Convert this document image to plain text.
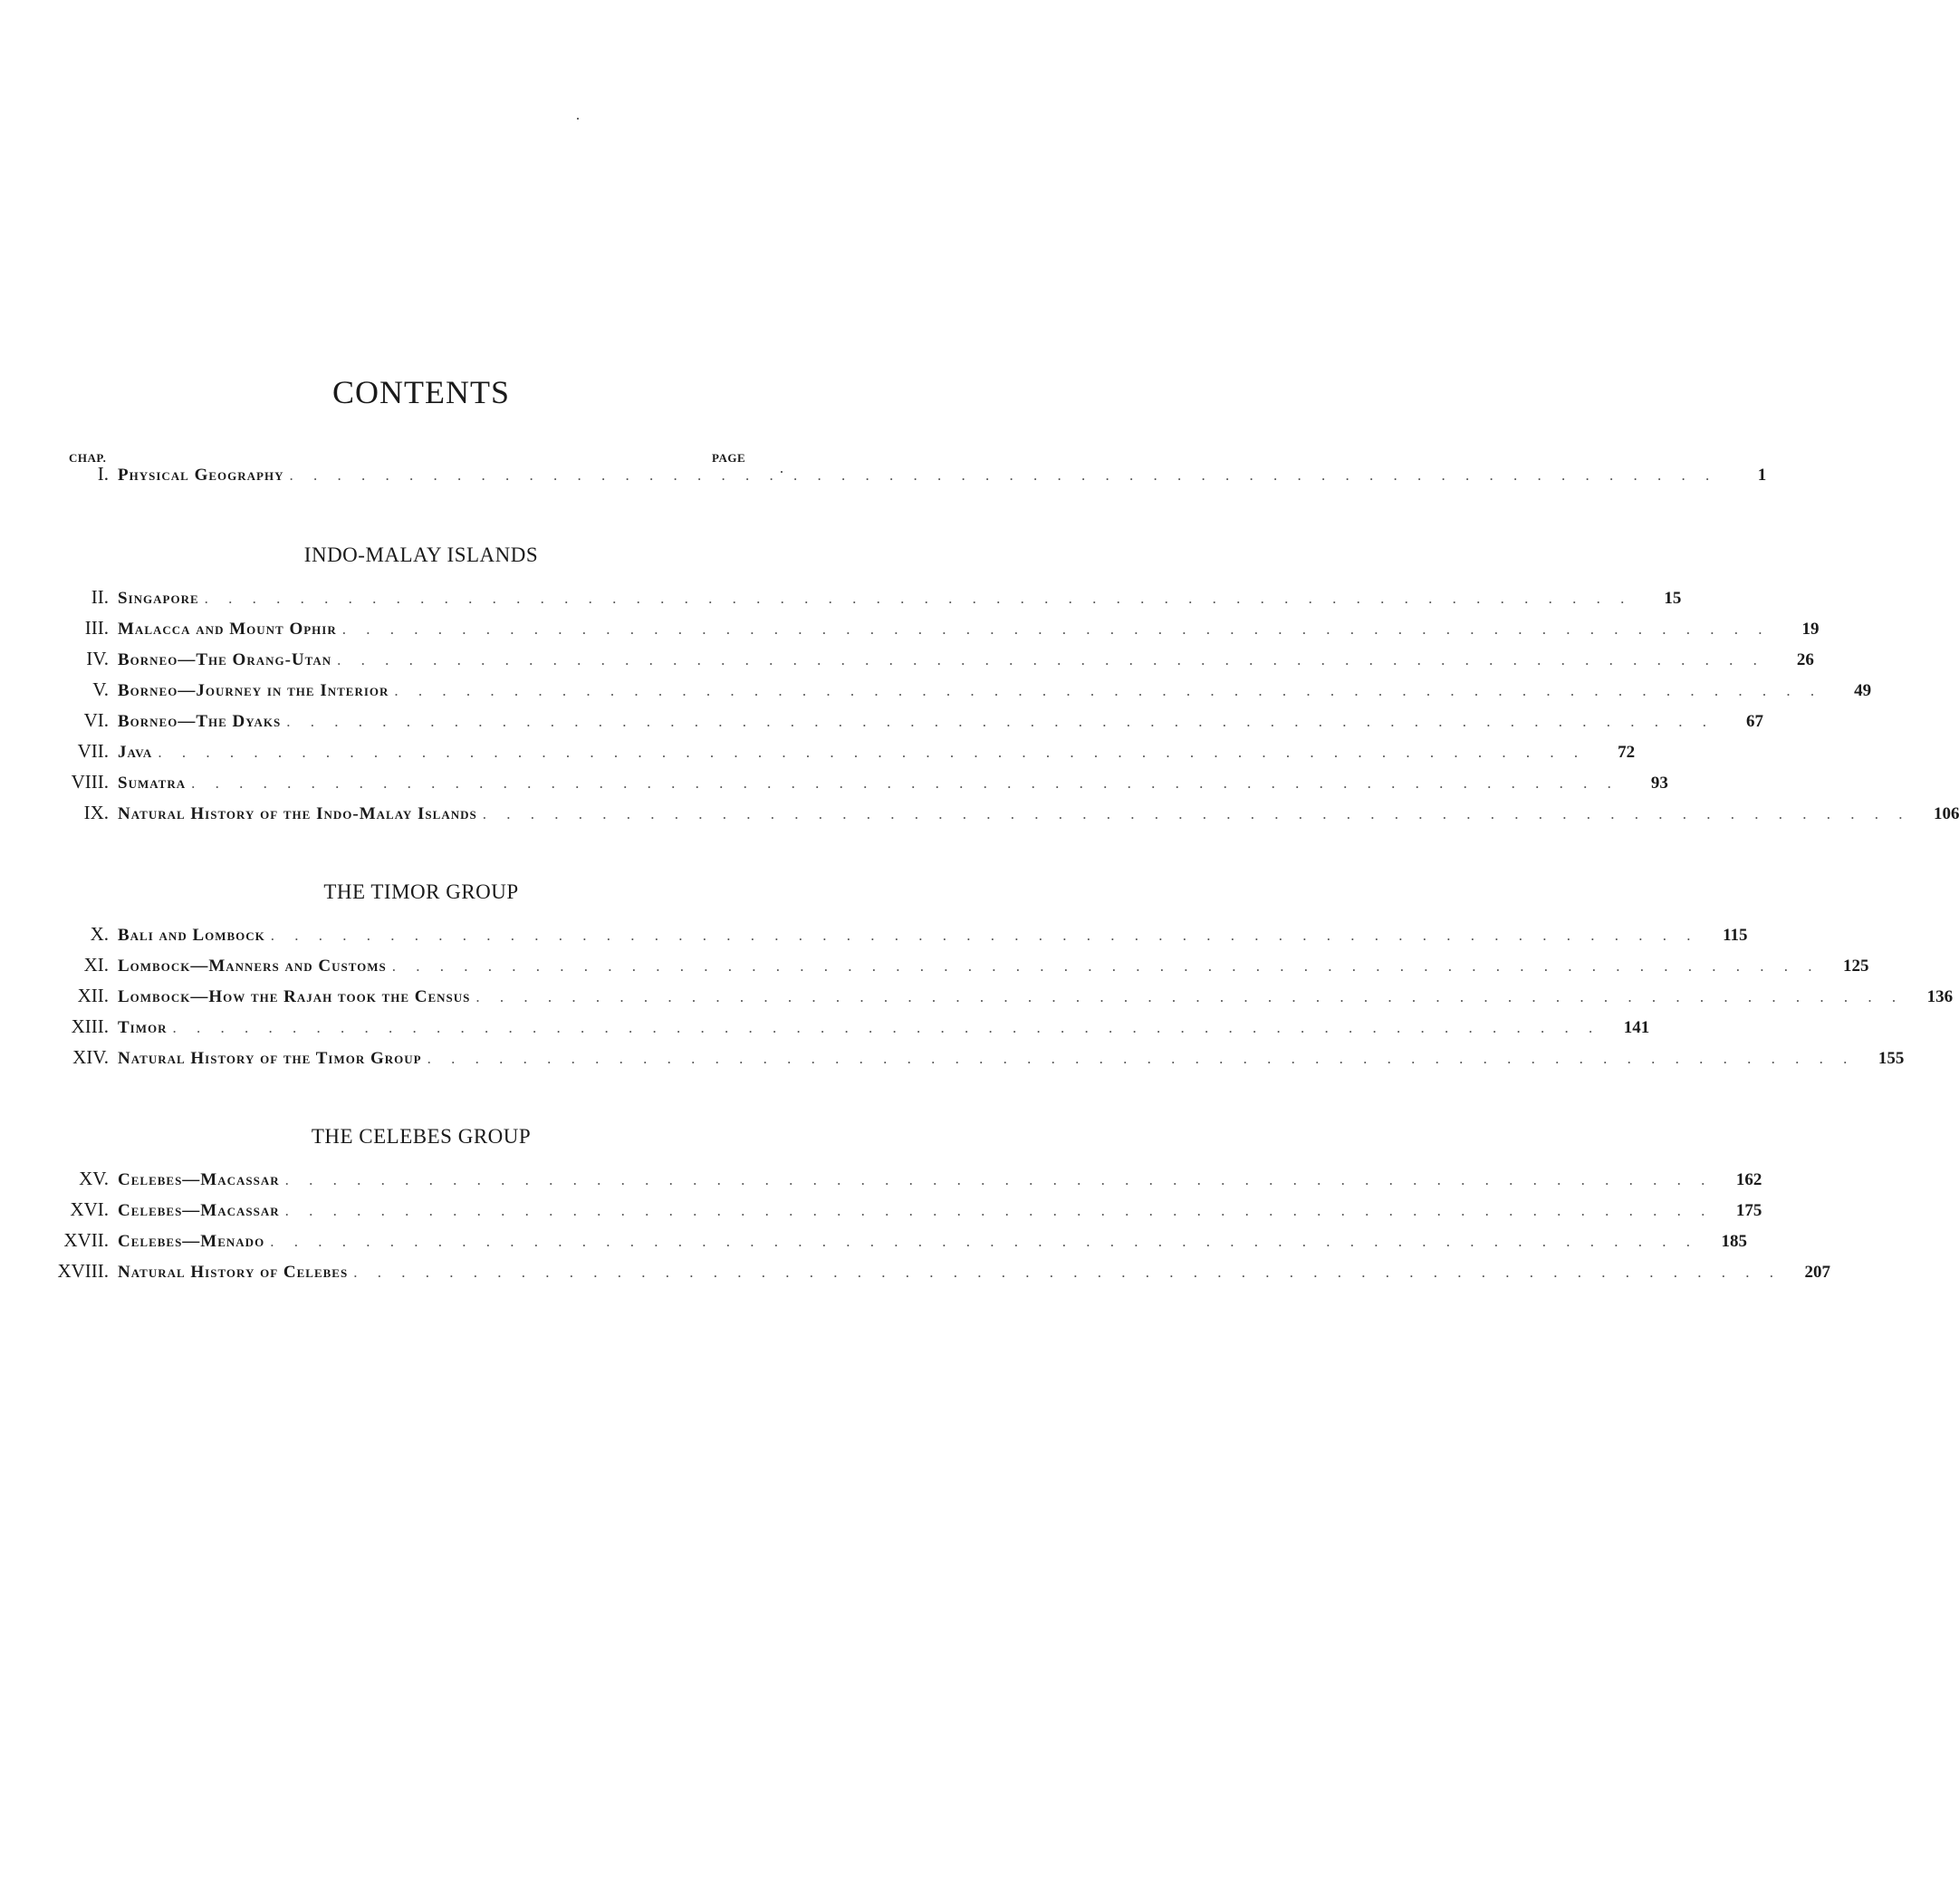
CONTENTS
CHAP.	PAGE
I. Physical Geography . . . . . . . . . . . . . . . . . . . . . . . . . . . . . . . . . . . . . . . . . . . . . . . . . . . . . . . . . . . .	1
INDO-MALAY ISLANDS
II. Singapore . . . . . . . . . . . . . . . . . . . . . . . . . . . . . . . . . . . . . . . . . . . . . . . . . . . . . . . . . . . .	15
III. Malacca and Mount Ophir . . . . . . . . . . . . . . . . . . . . . . . . . . . . . . . . . . . . . . . . . . . . . . . . . . . . . . . . . . . .	19
IV. Borneo—The Orang-Utan . . . . . . . . . . . . . . . . . . . . . . . . . . . . . . . . . . . . . . . . . . . . . . . . . . . . . . . . . . . .	26
V. Borneo—Journey in the Interior . . . . . . . . . . . . . . . . . . . . . . . . . . . . . . . . . . . . . . . . . . . . . . . . . . . . . . . . . . . .	49
VI. Borneo—The Dyaks . . . . . . . . . . . . . . . . . . . . . . . . . . . . . . . . . . . . . . . . . . . . . . . . . . . . . . . . . . . .	67
VII. Java . . . . . . . . . . . . . . . . . . . . . . . . . . . . . . . . . . . . . . . . . . . . . . . . . . . . . . . . . . . .	72
VIII. Sumatra . . . . . . . . . . . . . . . . . . . . . . . . . . . . . . . . . . . . . . . . . . . . . . . . . . . . . . . . . . . .	93
IX. Natural History of the Indo-Malay Islands . . . . . . . . . . . . . . . . . . . . . . . . . . . . . . . . . . . . . . . . . . . . . . . . . . . . . . . . . . . .	106
THE TIMOR GROUP
X. Bali and Lombock . . . . . . . . . . . . . . . . . . . . . . . . . . . . . . . . . . . . . . . . . . . . . . . . . . . . . . . . . . . .	115
XI. Lombock—Manners and Customs . . . . . . . . . . . . . . . . . . . . . . . . . . . . . . . . . . . . . . . . . . . . . . . . . . . . . . . . . . . .	125
XII. Lombock—How the Rajah took the Census . . . . . . . . . . . . . . . . . . . . . . . . . . . . . . . . . . . . . . . . . . . . . . . . . . . . . . . . . . . .	136
XIII. Timor . . . . . . . . . . . . . . . . . . . . . . . . . . . . . . . . . . . . . . . . . . . . . . . . . . . . . . . . . . . .	141
XIV. Natural History of the Timor Group . . . . . . . . . . . . . . . . . . . . . . . . . . . . . . . . . . . . . . . . . . . . . . . . . . . . . . . . . . . .	155
THE CELEBES GROUP
XV. Celebes—Macassar . . . . . . . . . . . . . . . . . . . . . . . . . . . . . . . . . . . . . . . . . . . . . . . . . . . . . . . . . . . .	162
XVI. Celebes—Macassar . . . . . . . . . . . . . . . . . . . . . . . . . . . . . . . . . . . . . . . . . . . . . . . . . . . . . . . . . . . .	175
XVII. Celebes—Menado . . . . . . . . . . . . . . . . . . . . . . . . . . . . . . . . . . . . . . . . . . . . . . . . . . . . . . . . . . . .	185
XVIII. Natural History of Celebes . . . . . . . . . . . . . . . . . . . . . . . . . . . . . . . . . . . . . . . . . . . . . . . . . . . . . . . . . . . .	207
